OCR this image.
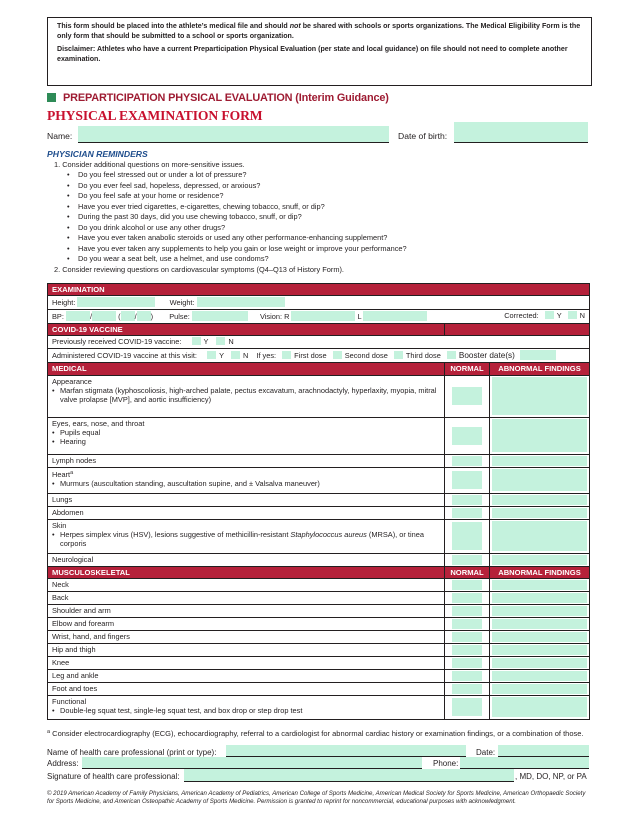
This form should be placed into the athlete’s medical file and should not be shared with schools or sports organizations. The Medical Eligibility Form is the only form that should be submitted to a school or sports organization.

Disclaimer: Athletes who have a current Preparticipation Physical Evaluation (per state and local guidance) on file should not need to complete another examination.

PREPARTICIPATION PHYSICAL EVALUATION (Interim Guidance)
PHYSICAL EXAMINATION FORM
Name:	Date of birth:
PHYSICIAN REMINDERS
1. Consider additional questions on more-sensitive issues.
• Do you feel stressed out or under a lot of pressure?
• Do you ever feel sad, hopeless, depressed, or anxious?
• Do you feel safe at your home or residence?
• Have you ever tried cigarettes, e-cigarettes, chewing tobacco, snuff, or dip?
• During the past 30 days, did you use chewing tobacco, snuff, or dip?
• Do you drink alcohol or use any other drugs?
• Have you ever taken anabolic steroids or used any other performance-enhancing supplement?
• Have you ever taken any supplements to help you gain or lose weight or improve your performance?
• Do you wear a seat belt, use a helmet, and use condoms?
2. Consider reviewing questions on cardiovascular symptoms (Q4–Q13 of History Form).
EXAMINATION		
Height: Weight:		
BP: / ( / ) Pulse: Vision: R L Corrected: Y N		

COVID-19 VACCINE		
Previously received COVID-19 vaccine: Y N		
Administered COVID-19 vaccine at this visit: Y N If yes: First dose Second dose Third dose Booster date(s)		
MEDICAL	NORMAL	ABNORMAL FINDINGS

Appearance
• Marfan stigmata (kyphoscoliosis, high-arched palate, pectus excavatum, arachnodactyly, hyperlaxity, myopia, mitral valve prolapse [MVP], and aortic insufficiency)

Eyes, ears, nose, and throat
• Pupils equal
• Hearing

Lymph nodes		

Heart$^a$
• Murmurs (auscultation standing, auscultation supine, and ± Valsalva maneuver)

Lungs		

Abdomen		

Skin
• Herpes simplex virus (HSV), lesions suggestive of methicillin-resistant Staphylococcus aureus (MRSA), or tinea corporis

Neurological		

MUSCULOSKELETAL	NORMAL	ABNORMAL FINDINGS
Neck	

Back	

Shoulder and arm	

Elbow and forearm	

Wrist, hand, and fingers	

Hip and thigh	

Knee	

Leg and ankle	

Foot and toes	

Functional
• Double-leg squat test, single-leg squat test, and box drop or step drop test

$^a$ Consider electrocardiography (ECG), echocardiography, referral to a cardiologist for abnormal cardiac history or examination findings, or a combination of those.
Name of health care professional (print or type):	Date:
Address:	Phone:
Signature of health care professional:	, MD, DO, NP, or PA
© 2019 American Academy of Family Physicians, American Academy of Pediatrics, American College of Sports Medicine, American Medical Society for Sports Medicine, American Orthopaedic Society for Sports Medicine, and American Osteopathic Academy of Sports Medicine. Permission is granted to reprint for noncommercial, educational purposes with acknowledgment.
